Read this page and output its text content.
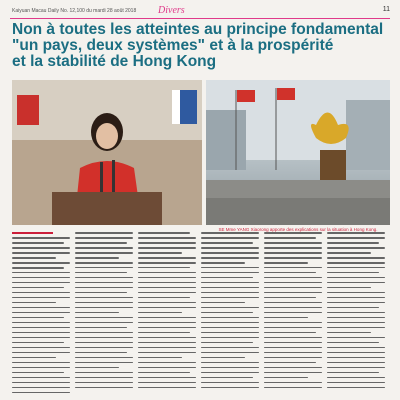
Kaiyuan Macau Daily No. 12,100 du mardi 28 août 2018 Divers	11
Non à toutes les atteintes au principe fondamental
"un pays, deux systèmes" et à la prospérité
et la stabilité de Hong Kong
SE Mme YANG Xiaorong apporte des explications sur la situation à Hong Kong.
